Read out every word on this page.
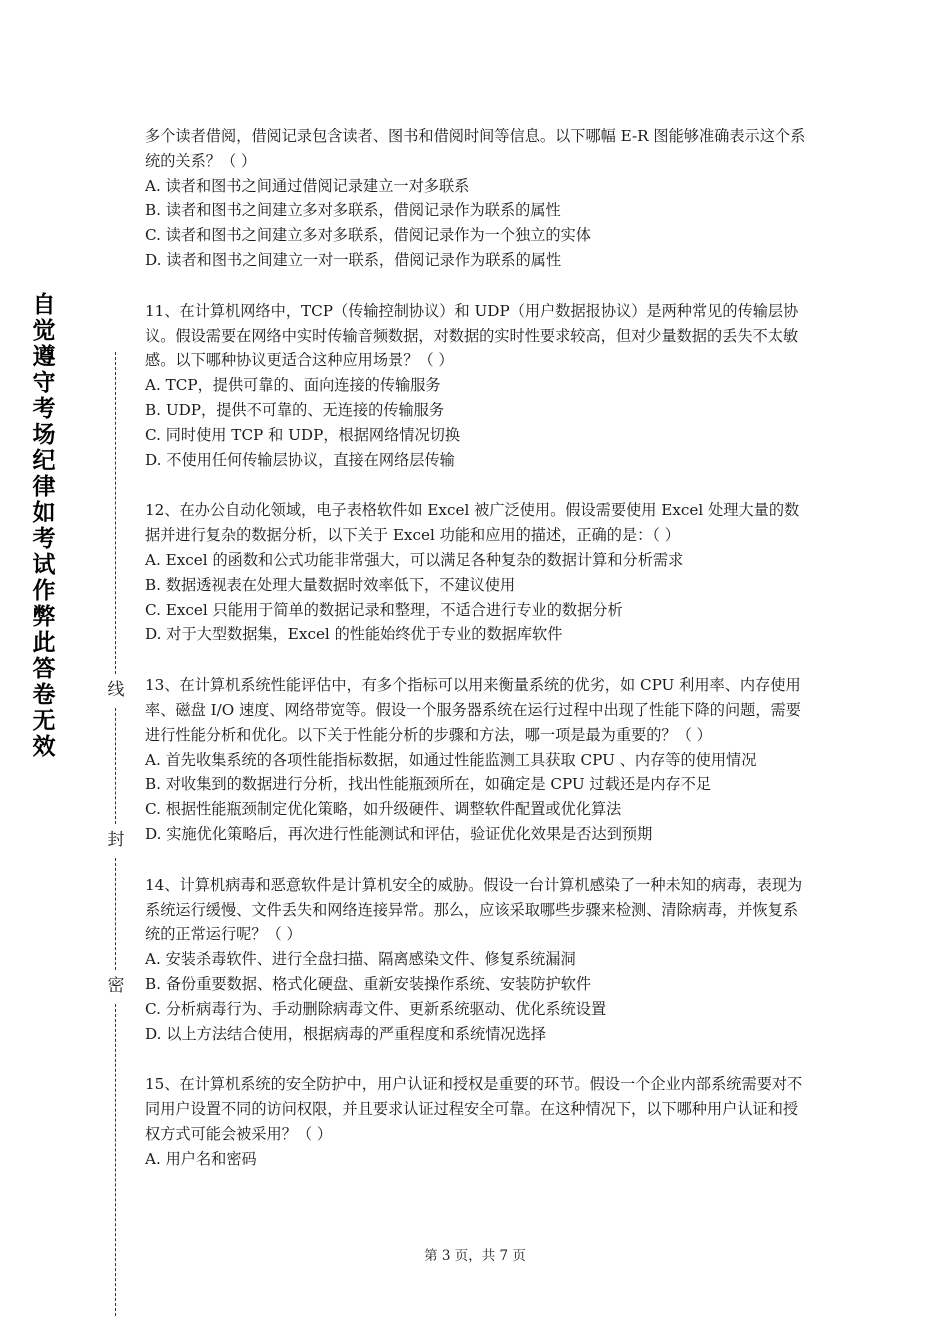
自觉遵守考场纪律如考试作弊此答卷无效
线
封
密

多个读者借阅，借阅记录包含读者、图书和借阅时间等信息。以下哪幅 E-R 图能够准确表示这个系统的关系？（ ）

A. 读者和图书之间通过借阅记录建立一对多联系

B. 读者和图书之间建立多对多联系，借阅记录作为联系的属性

C. 读者和图书之间建立多对多联系，借阅记录作为一个独立的实体

D. 读者和图书之间建立一对一联系，借阅记录作为联系的属性

11、在计算机网络中，TCP（传输控制协议）和 UDP（用户数据报协议）是两种常见的传输层协议。假设需要在网络中实时传输音频数据，对数据的实时性要求较高，但对少量数据的丢失不太敏感。以下哪种协议更适合这种应用场景？（ ）

A. TCP，提供可靠的、面向连接的传输服务

B. UDP，提供不可靠的、无连接的传输服务

C. 同时使用 TCP 和 UDP，根据网络情况切换

D. 不使用任何传输层协议，直接在网络层传输

12、在办公自动化领域，电子表格软件如 Excel 被广泛使用。假设需要使用 Excel 处理大量的数据并进行复杂的数据分析，以下关于 Excel 功能和应用的描述，正确的是：（ ）

A. Excel 的函数和公式功能非常强大，可以满足各种复杂的数据计算和分析需求

B. 数据透视表在处理大量数据时效率低下，不建议使用

C. Excel 只能用于简单的数据记录和整理，不适合进行专业的数据分析

D. 对于大型数据集，Excel 的性能始终优于专业的数据库软件

13、在计算机系统性能评估中，有多个指标可以用来衡量系统的优劣，如 CPU 利用率、内存使用率、磁盘 I/O 速度、网络带宽等。假设一个服务器系统在运行过程中出现了性能下降的问题，需要进行性能分析和优化。以下关于性能分析的步骤和方法，哪一项是最为重要的？（ ）

A. 首先收集系统的各项性能指标数据，如通过性能监测工具获取 CPU 、内存等的使用情况

B. 对收集到的数据进行分析，找出性能瓶颈所在，如确定是 CPU 过载还是内存不足

C. 根据性能瓶颈制定优化策略，如升级硬件、调整软件配置或优化算法

D. 实施优化策略后，再次进行性能测试和评估，验证优化效果是否达到预期

14、计算机病毒和恶意软件是计算机安全的威胁。假设一台计算机感染了一种未知的病毒，表现为系统运行缓慢、文件丢失和网络连接异常。那么，应该采取哪些步骤来检测、清除病毒，并恢复系统的正常运行呢？（ ）

A. 安装杀毒软件、进行全盘扫描、隔离感染文件、修复系统漏洞

B. 备份重要数据、格式化硬盘、重新安装操作系统、安装防护软件

C. 分析病毒行为、手动删除病毒文件、更新系统驱动、优化系统设置

D. 以上方法结合使用，根据病毒的严重程度和系统情况选择

15、在计算机系统的安全防护中，用户认证和授权是重要的环节。假设一个企业内部系统需要对不同用户设置不同的访问权限，并且要求认证过程安全可靠。在这种情况下，以下哪种用户认证和授权方式可能会被采用？（ ）

A. 用户名和密码

第 3 页，共 7 页
